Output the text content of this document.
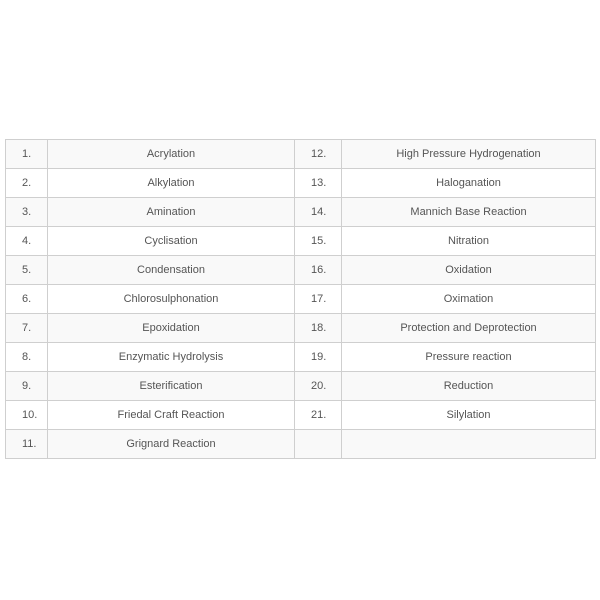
1.	Acrylation	12.	High Pressure Hydrogenation
2.	Alkylation	13.	Haloganation
3.	Amination	14.	Mannich Base Reaction
4.	Cyclisation	15.	Nitration
5.	Condensation	16.	Oxidation
6.	Chlorosulphonation	17.	Oximation
7.	Epoxidation	18.	Protection and Deprotection
8.	Enzymatic Hydrolysis	19.	Pressure reaction
9.	Esterification	20.	Reduction
10.	Friedal Craft Reaction	21.	Silylation
11.	Grignard Reaction		
